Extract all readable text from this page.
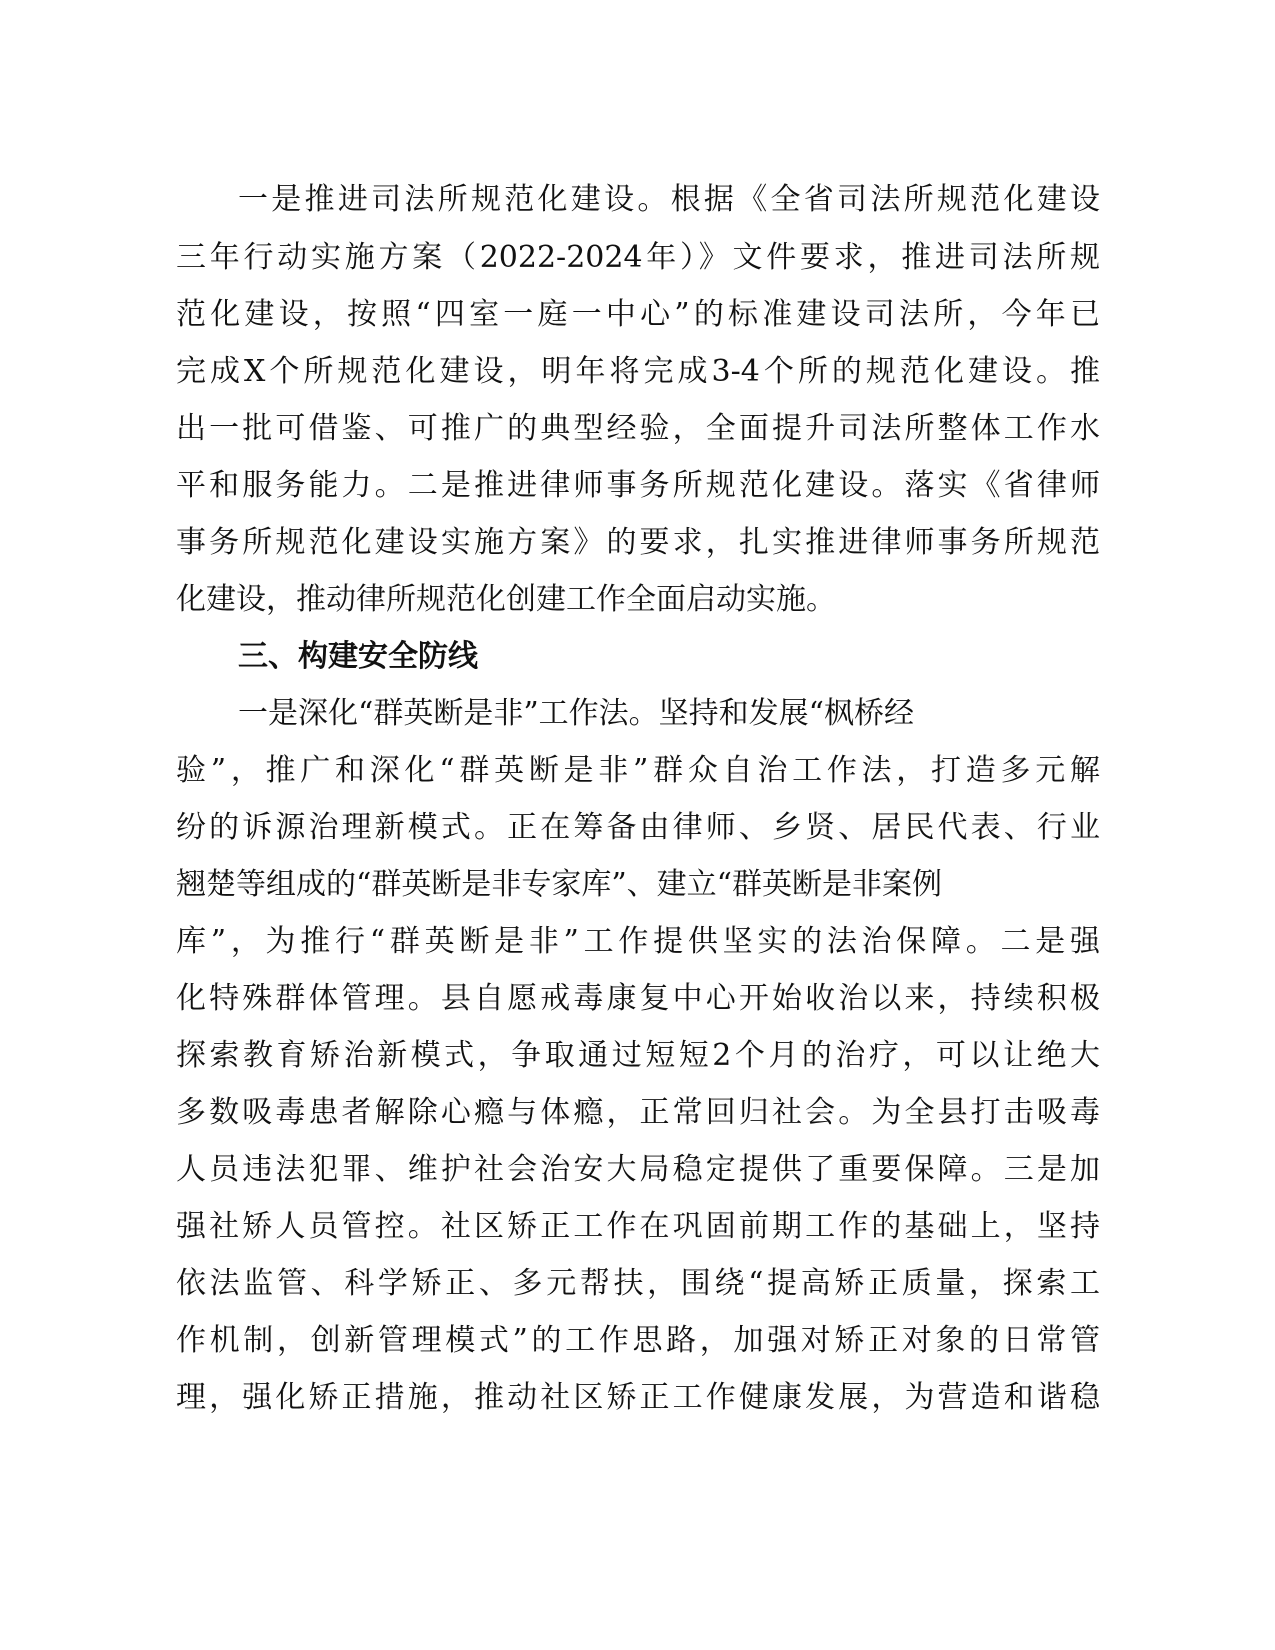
一是推进司法所规范化建设。根据《全省司法所规范化建设
三年行动实施方案（2022-2024年）》文件要求，推进司法所规
范化建设，按照“四室一庭一中心”的标准建设司法所，今年已
完成X个所规范化建设，明年将完成3-4个所的规范化建设。推
出一批可借鉴、可推广的典型经验，全面提升司法所整体工作水
平和服务能力。二是推进律师事务所规范化建设。落实《省律师
事务所规范化建设实施方案》的要求，扎实推进律师事务所规范
化建设，推动律所规范化创建工作全面启动实施。
三、构建安全防线
一是深化“群英断是非”工作法。坚持和发展“枫桥经
验”，推广和深化“群英断是非”群众自治工作法，打造多元解
纷的诉源治理新模式。正在筹备由律师、乡贤、居民代表、行业
翘楚等组成的“群英断是非专家库”、建立“群英断是非案例
库”，为推行“群英断是非”工作提供坚实的法治保障。二是强
化特殊群体管理。县自愿戒毒康复中心开始收治以来，持续积极
探索教育矫治新模式，争取通过短短2个月的治疗，可以让绝大
多数吸毒患者解除心瘾与体瘾，正常回归社会。为全县打击吸毒
人员违法犯罪、维护社会治安大局稳定提供了重要保障。三是加
强社矫人员管控。社区矫正工作在巩固前期工作的基础上，坚持
依法监管、科学矫正、多元帮扶，围绕“提高矫正质量，探索工
作机制，创新管理模式”的工作思路，加强对矫正对象的日常管
理，强化矫正措施，推动社区矫正工作健康发展，为营造和谐稳
